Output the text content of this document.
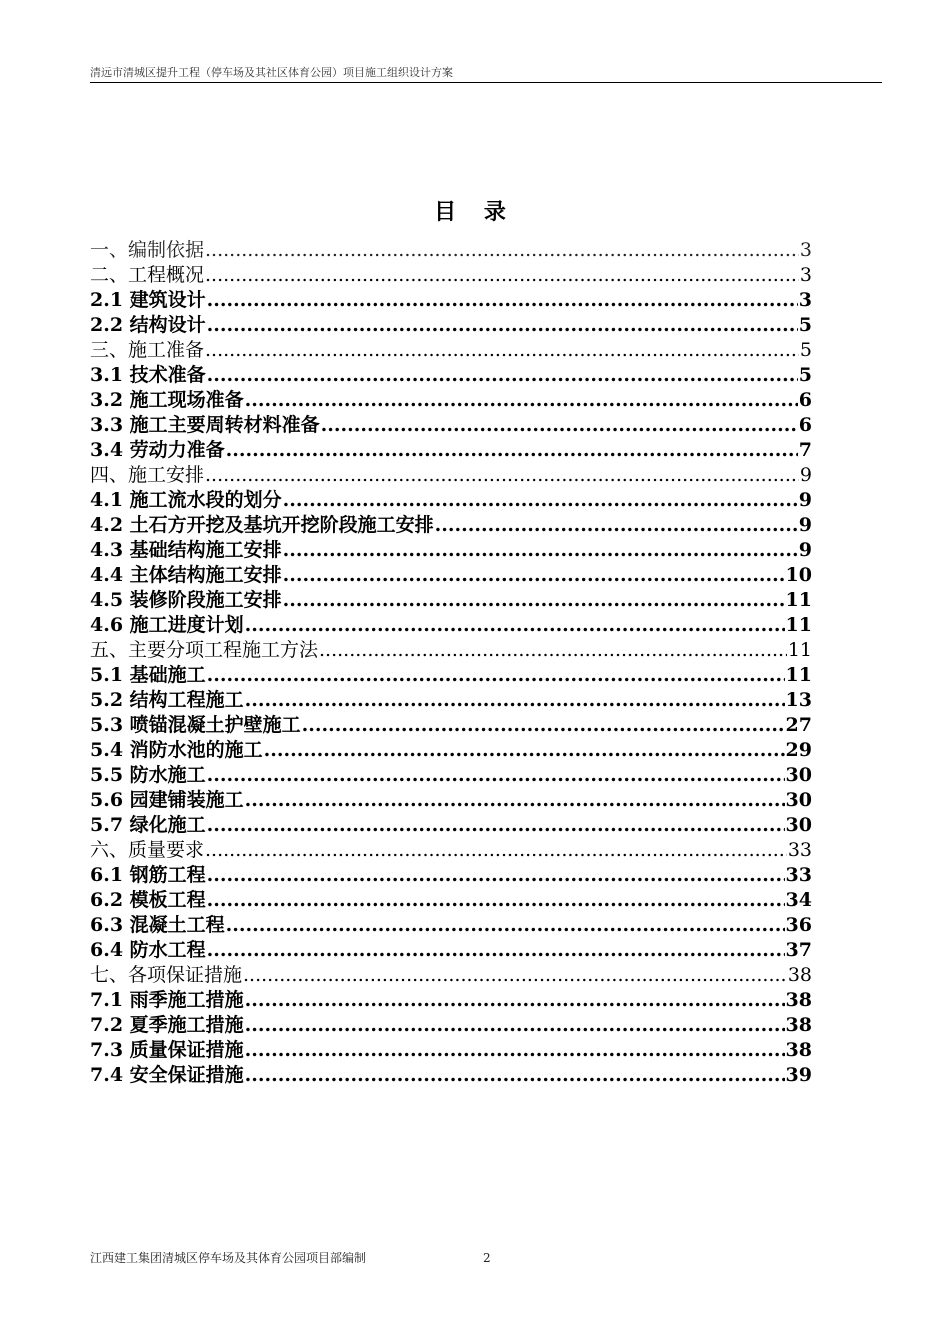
清远市清城区提升工程（停车场及其社区体育公园）项目施工组织设计方案
目 录
一、编制依据 .....	3
二、工程概况 .....	3
2.1 建筑设计 .....	3
2.2 结构设计 .....	5
三、施工准备 .....	5
3.1 技术准备 .....	5
3.2 施工现场准备 .....	6
3.3 施工主要周转材料准备 .....	6
3.4 劳动力准备 .....	7
四、施工安排 .....	9
4.1 施工流水段的划分 .....	9
4.2 土石方开挖及基坑开挖阶段施工安排 .....	9
4.3 基础结构施工安排 .....	9
4.4 主体结构施工安排 .....	10
4.5 装修阶段施工安排 .....	11
4.6 施工进度计划 .....	11
五、主要分项工程施工方法 .....	11
5.1 基础施工 .....	11
5.2 结构工程施工 .....	13
5.3 喷锚混凝土护壁施工 .....	27
5.4 消防水池的施工 .....	29
5.5 防水施工 .....	30
5.6 园建铺装施工 .....	30
5.7 绿化施工 .....	30
六、质量要求 .....	33
6.1 钢筋工程 .....	33
6.2 模板工程 .....	34
6.3 混凝土工程 .....	36
6.4 防水工程 .....	37
七、各项保证措施 .....	38
7.1 雨季施工措施 .....	38
7.2 夏季施工措施 .....	38
7.3 质量保证措施 .....	38
7.4 安全保证措施 .....	39
江西建工集团清城区停车场及其体育公园项目部编制	2
